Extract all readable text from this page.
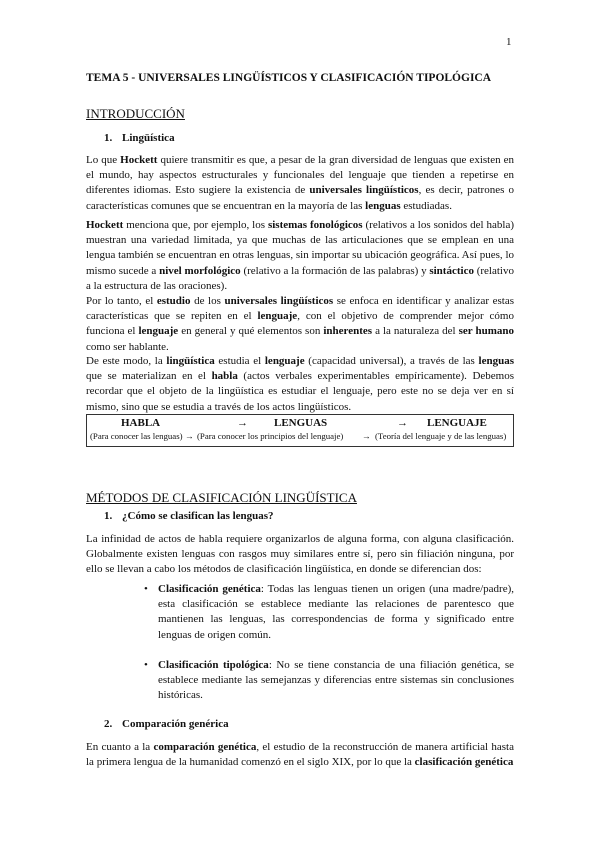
1
TEMA 5 - UNIVERSALES LINGÜÍSTICOS Y CLASIFICACIÓN TIPOLÓGICA
INTRODUCCIÓN
1. Lingüística

Lo que Hockett quiere transmitir es que, a pesar de la gran diversidad de lenguas que existen en el mundo, hay aspectos estructurales y funcionales del lenguaje que tienden a repetirse en diferentes idiomas. Esto sugiere la existencia de universales lingüísticos, es decir, patrones o características comunes que se encuentran en la mayoría de las lenguas estudiadas.

Hockett menciona que, por ejemplo, los sistemas fonológicos (relativos a los sonidos del habla) muestran una variedad limitada, ya que muchas de las articulaciones que se emplean en una lengua también se encuentran en otras lenguas, sin importar su ubicación geográfica. Así pues, lo mismo sucede a nivel morfológico (relativo a la formación de las palabras) y sintáctico (relativo a la estructura de las oraciones).

Por lo tanto, el estudio de los universales lingüísticos se enfoca en identificar y analizar estas características que se repiten en el lenguaje, con el objetivo de comprender mejor cómo funciona el lenguaje en general y qué elementos son inherentes a la naturaleza del ser humano como ser hablante.

De este modo, la lingüística estudia el lenguaje (capacidad universal), a través de las lenguas que se materializan en el habla (actos verbales experimentables empíricamente). Debemos recordar que el objeto de la lingüística es estudiar el lenguaje, pero este no se deja ver en sí mismo, sino que se estudia a través de los actos lingüísticos.

HABLA	→ LENGUAS	→ LENGUAJE
(Para conocer las lenguas) → (Para conocer los principios del lenguaje) → (Teoría del lenguaje y de las lenguas)
MÉTODOS DE CLASIFICACIÓN LINGÜÍSTICA
1. ¿Cómo se clasifican las lenguas?

La infinidad de actos de habla requiere organizarlos de alguna forma, con alguna clasificación. Globalmente existen lenguas con rasgos muy similares entre sí, pero sin filiación ninguna, por ello se llevan a cabo los métodos de clasificación lingüística, en donde se diferencian dos:

• Clasificación genética: Todas las lenguas tienen un origen (una madre/padre), esta clasificación se establece mediante las relaciones de parentesco que mantienen las lenguas, las correspondencias de forma y significado entre lenguas de origen común.
• Clasificación tipológica: No se tiene constancia de una filiación genética, se establece mediante las semejanzas y diferencias entre sistemas sin conclusiones históricas.
2. Comparación genérica

En cuanto a la comparación genética, el estudio de la reconstrucción de manera artificial hasta la primera lengua de la humanidad comenzó en el siglo XIX, por lo que la clasificación genética
